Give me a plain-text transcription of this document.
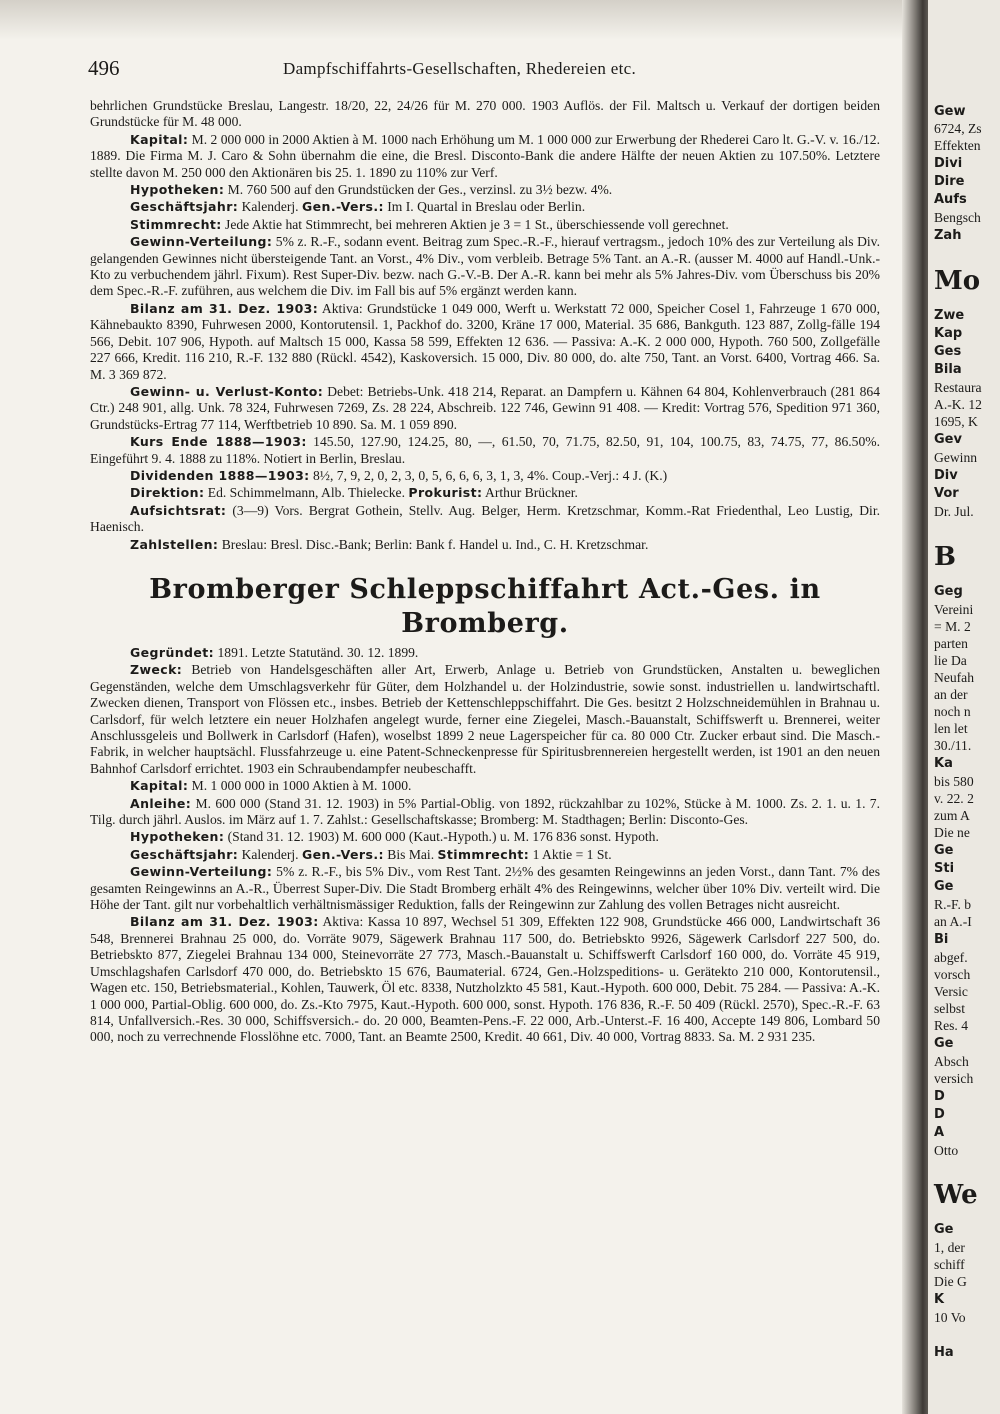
496	Dampfschiffahrts-Gesellschaften, Rhedereien etc.

behrlichen Grundstücke Breslau, Langestr. 18/20, 22, 24/26 für M. 270 000. 1903 Auflös. der Fil. Maltsch u. Verkauf der dortigen beiden Grundstücke für M. 48 000.

Kapital: M. 2 000 000 in 2000 Aktien à M. 1000 nach Erhöhung um M. 1 000 000 zur Erwerbung der Rhederei Caro lt. G.-V. v. 16./12. 1889. Die Firma M. J. Caro & Sohn übernahm die eine, die Bresl. Disconto-Bank die andere Hälfte der neuen Aktien zu 107.50%. Letztere stellte davon M. 250 000 den Aktionären bis 25. 1. 1890 zu 110% zur Verf.

Hypotheken: M. 760 500 auf den Grundstücken der Ges., verzinsl. zu 3½ bezw. 4%.

Geschäftsjahr: Kalenderj. Gen.-Vers.: Im I. Quartal in Breslau oder Berlin.

Stimmrecht: Jede Aktie hat Stimmrecht, bei mehreren Aktien je 3 = 1 St., überschiessende voll gerechnet.

Gewinn-Verteilung: 5% z. R.-F., sodann event. Beitrag zum Spec.-R.-F., hierauf vertragsm., jedoch 10% des zur Verteilung als Div. gelangenden Gewinnes nicht übersteigende Tant. an Vorst., 4% Div., vom verbleib. Betrage 5% Tant. an A.-R. (ausser M. 4000 auf Handl.-Unk.-Kto zu verbuchendem jährl. Fixum). Rest Super-Div. bezw. nach G.-V.-B. Der A.-R. kann bei mehr als 5% Jahres-Div. vom Überschuss bis 20% dem Spec.-R.-F. zuführen, aus welchem die Div. im Fall bis auf 5% ergänzt werden kann.

Bilanz am 31. Dez. 1903: Aktiva: Grundstücke 1 049 000, Werft u. Werkstatt 72 000, Speicher Cosel 1, Fahrzeuge 1 670 000, Kähnebaukto 8390, Fuhrwesen 2000, Kontorutensil. 1, Packhof do. 3200, Kräne 17 000, Material. 35 686, Bankguth. 123 887, Zollg-fälle 194 566, Debit. 107 906, Hypoth. auf Maltsch 15 000, Kassa 58 599, Effekten 12 636. — Passiva: A.-K. 2 000 000, Hypoth. 760 500, Zollgefälle 227 666, Kredit. 116 210, R.-F. 132 880 (Rückl. 4542), Kaskoversich. 15 000, Div. 80 000, do. alte 750, Tant. an Vorst. 6400, Vortrag 466. Sa. M. 3 369 872.

Gewinn- u. Verlust-Konto: Debet: Betriebs-Unk. 418 214, Reparat. an Dampfern u. Kähnen 64 804, Kohlenverbrauch (281 864 Ctr.) 248 901, allg. Unk. 78 324, Fuhrwesen 7269, Zs. 28 224, Abschreib. 122 746, Gewinn 91 408. — Kredit: Vortrag 576, Spedition 971 360, Grundstücks-Ertrag 77 114, Werftbetrieb 10 890. Sa. M. 1 059 890.

Kurs Ende 1888—1903: 145.50, 127.90, 124.25, 80, —, 61.50, 70, 71.75, 82.50, 91, 104, 100.75, 83, 74.75, 77, 86.50%. Eingeführt 9. 4. 1888 zu 118%. Notiert in Berlin, Breslau.

Dividenden 1888—1903: 8½, 7, 9, 2, 0, 2, 3, 0, 5, 6, 6, 6, 3, 1, 3, 4%. Coup.-Verj.: 4 J. (K.)

Direktion: Ed. Schimmelmann, Alb. Thielecke. Prokurist: Arthur Brückner.

Aufsichtsrat: (3—9) Vors. Bergrat Gothein, Stellv. Aug. Belger, Herm. Kretzschmar, Komm.-Rat Friedenthal, Leo Lustig, Dir. Haenisch.

Zahlstellen: Breslau: Bresl. Disc.-Bank; Berlin: Bank f. Handel u. Ind., C. H. Kretzschmar.

Bromberger Schleppschiffahrt Act.-Ges. in Bromberg.

Gegründet: 1891. Letzte Statutänd. 30. 12. 1899.

Zweck: Betrieb von Handelsgeschäften aller Art, Erwerb, Anlage u. Betrieb von Grundstücken, Anstalten u. beweglichen Gegenständen, welche dem Umschlagsverkehr für Güter, dem Holzhandel u. der Holzindustrie, sowie sonst. industriellen u. landwirtschaftl. Zwecken dienen, Transport von Flössen etc., insbes. Betrieb der Kettenschleppschiffahrt. Die Ges. besitzt 2 Holzschneidemühlen in Brahnau u. Carlsdorf, für welch letztere ein neuer Holzhafen angelegt wurde, ferner eine Ziegelei, Masch.-Bauanstalt, Schiffswerft u. Brennerei, weiter Anschlussgeleis und Bollwerk in Carlsdorf (Hafen), woselbst 1899 2 neue Lagerspeicher für ca. 80 000 Ctr. Zucker erbaut sind. Die Masch.-Fabrik, in welcher hauptsächl. Flussfahrzeuge u. eine Patent-Schneckenpresse für Spiritusbrennereien hergestellt werden, ist 1901 an den neuen Bahnhof Carlsdorf errichtet. 1903 ein Schraubendampfer neubeschafft.

Kapital: M. 1 000 000 in 1000 Aktien à M. 1000.

Anleihe: M. 600 000 (Stand 31. 12. 1903) in 5% Partial-Oblig. von 1892, rückzahlbar zu 102%, Stücke à M. 1000. Zs. 2. 1. u. 1. 7. Tilg. durch jährl. Auslos. im März auf 1. 7. Zahlst.: Gesellschaftskasse; Bromberg: M. Stadthagen; Berlin: Disconto-Ges.

Hypotheken: (Stand 31. 12. 1903) M. 600 000 (Kaut.-Hypoth.) u. M. 176 836 sonst. Hypoth.

Geschäftsjahr: Kalenderj. Gen.-Vers.: Bis Mai. Stimmrecht: 1 Aktie = 1 St.

Gewinn-Verteilung: 5% z. R.-F., bis 5% Div., vom Rest Tant. 2½% des gesamten Reingewinns an jeden Vorst., dann Tant. 7% des gesamten Reingewinns an A.-R., Überrest Super-Div. Die Stadt Bromberg erhält 4% des Reingewinns, welcher über 10% Div. verteilt wird. Die Höhe der Tant. gilt nur vorbehaltlich verhältnismässiger Reduktion, falls der Reingewinn zur Zahlung des vollen Betrages nicht ausreicht.

Bilanz am 31. Dez. 1903: Aktiva: Kassa 10 897, Wechsel 51 309, Effekten 122 908, Grundstücke 466 000, Landwirtschaft 36 548, Brennerei Brahnau 25 000, do. Vorräte 9079, Sägewerk Brahnau 117 500, do. Betriebskto 9926, Sägewerk Carlsdorf 227 500, do. Betriebskto 877, Ziegelei Brahnau 134 000, Steinevorräte 27 773, Masch.-Bauanstalt u. Schiffswerft Carlsdorf 160 000, do. Vorräte 45 919, Umschlagshafen Carlsdorf 470 000, do. Betriebskto 15 676, Baumaterial. 6724, Gen.-Holzspeditions- u. Gerätekto 210 000, Kontorutensil., Wagen etc. 150, Betriebsmaterial., Kohlen, Tauwerk, Öl etc. 8338, Nutzholzkto 45 581, Kaut.-Hypoth. 600 000, Debit. 75 284. — Passiva: A.-K. 1 000 000, Partial-Oblig. 600 000, do. Zs.-Kto 7975, Kaut.-Hypoth. 600 000, sonst. Hypoth. 176 836, R.-F. 50 409 (Rückl. 2570), Spec.-R.-F. 63 814, Unfallversich.-Res. 30 000, Schiffsversich.- do. 20 000, Beamten-Pens.-F. 22 000, Arb.-Unterst.-F. 16 400, Accepte 149 806, Lombard 50 000, noch zu verrechnende Flosslöhne etc. 7000, Tant. an Beamte 2500, Kredit. 40 661, Div. 40 000, Vortrag 8833. Sa. M. 2 931 235.

Gew
6724, Zs
Effekten
Divi
Dire
Aufs
Bengsch
Zah
Mo
Zwe
Kap
Ges
Bila
Restaura
A.-K. 12
1695, K
Gev
Gewinn
Div
Vor
Dr. Jul.
B
Geg
Vereini
= M. 2
parten
lie Da
Neufah
an der
noch n
len let
30./11.
Ka
bis 580
v. 22. 2
zum A
Die ne
Ge
Sti
Ge
R.-F. b
an A.-I
Bi
abgef.
vorsch
Versic
selbst
Res. 4
Ge
Absch
versich
D
D
A
Otto
We
Ge
1, der
schiff
Die G
K
10 Vo
Ha
